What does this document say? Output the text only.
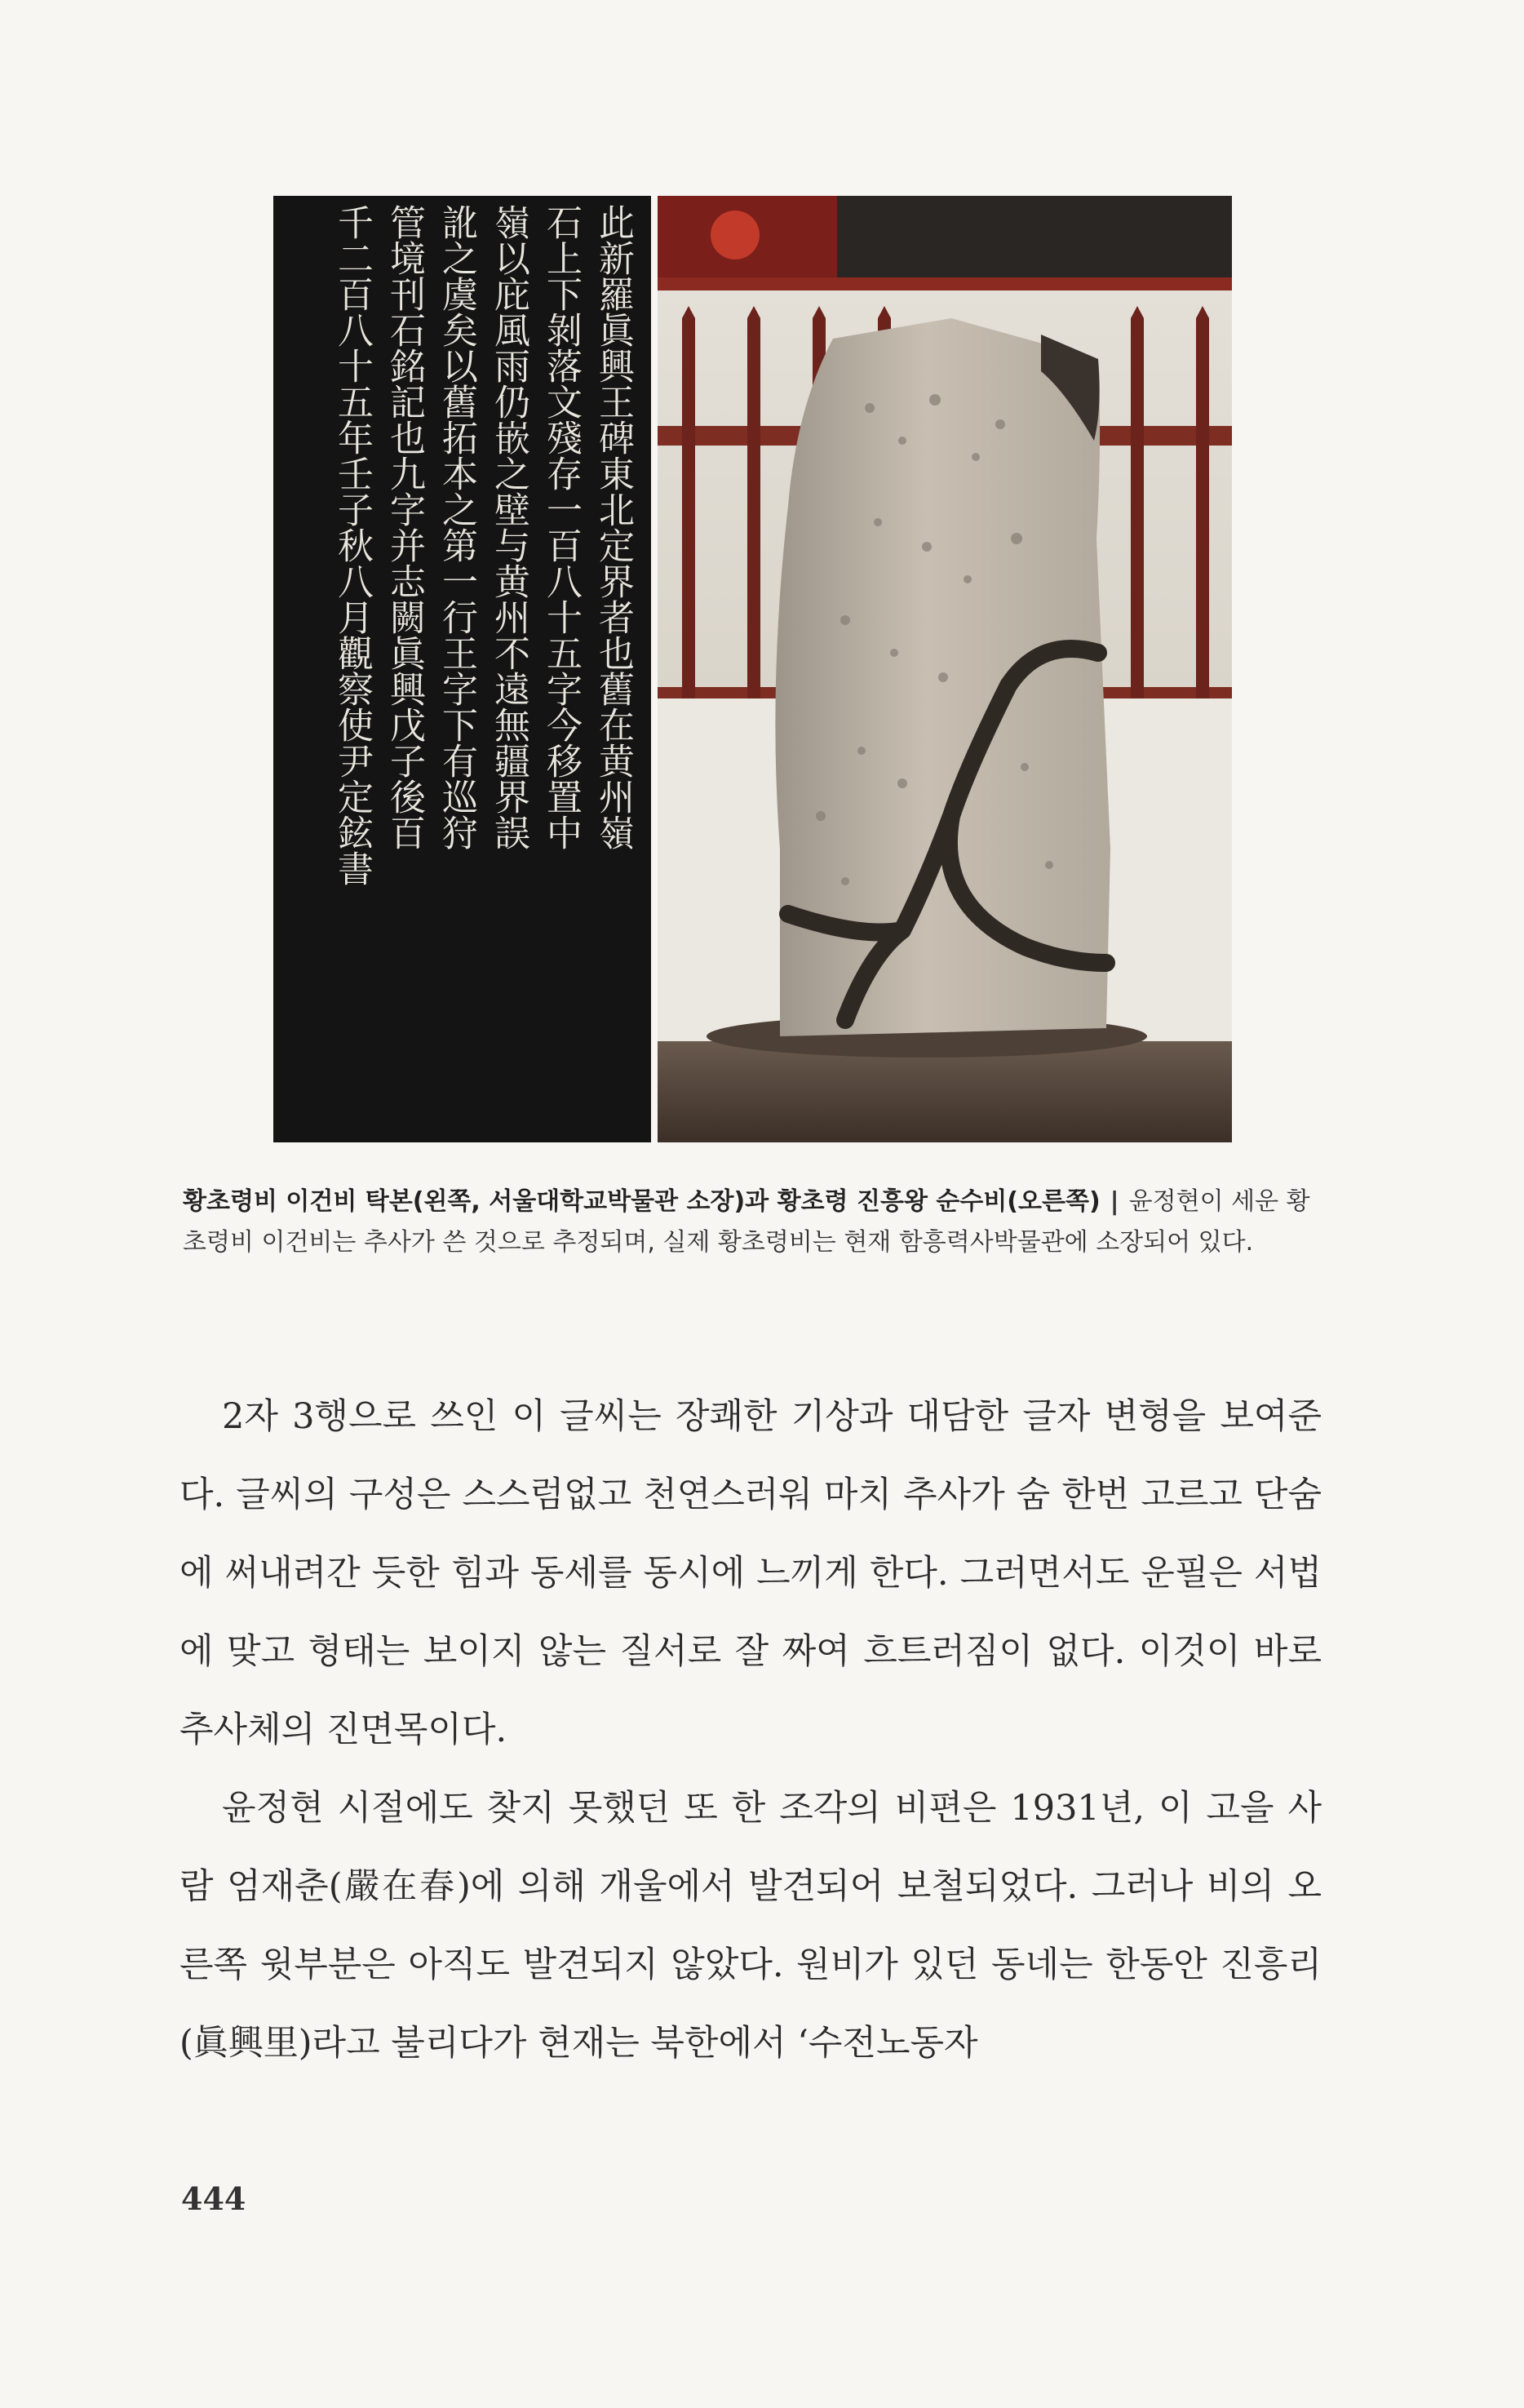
此新羅眞興王碑東北定界者也舊在黄州嶺
石上下剝落文殘存一百八十五字今移置中
嶺以庇風雨仍嵌之壁与黄州不遠無疆界誤
訛之虞矣以舊拓本之第一行王字下有巡狩
管境刊石銘記也九字并志闕眞興戊子後百
千二百八十五年壬子秋八月觀察使尹定鉉書
황초령비 이건비 탁본(왼쪽, 서울대학교박물관 소장)과 황초령 진흥왕 순수비(오른쪽) | 윤정현이 세운 황
초령비 이건비는 추사가 쓴 것으로 추정되며, 실제 황초령비는 현재 함흥력사박물관에 소장되어 있다.

2자 3행으로 쓰인 이 글씨는 장쾌한 기상과 대담한 글자 변형을 보여준다. 글씨의 구성은 스스럼없고 천연스러워 마치 추사가 숨 한번 고르고 단숨에 써내려간 듯한 힘과 동세를 동시에 느끼게 한다. 그러면서도 운필은 서법에 맞고 형태는 보이지 않는 질서로 잘 짜여 흐트러짐이 없다. 이것이 바로 추사체의 진면목이다.

윤정현 시절에도 찾지 못했던 또 한 조각의 비편은 1931년, 이 고을 사람 엄재춘(嚴在春)에 의해 개울에서 발견되어 보철되었다. 그러나 비의 오른쪽 윗부분은 아직도 발견되지 않았다. 원비가 있던 동네는 한동안 진흥리(眞興里)라고 불리다가 현재는 북한에서 ‘수전노동자

444
